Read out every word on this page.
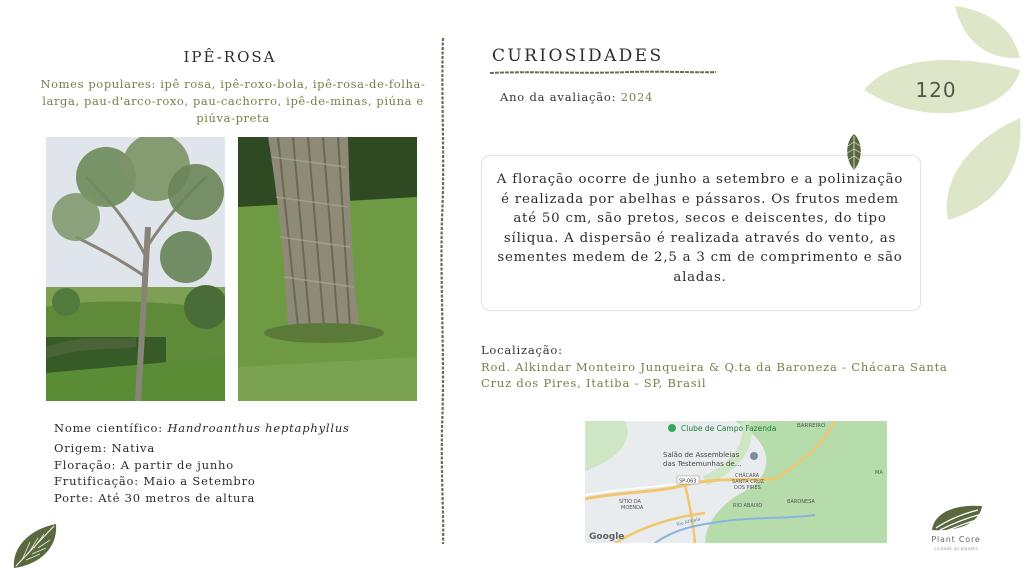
IPÊ-ROSA
Nomes populares: ipê rosa, ipê-roxo-bola, ipê-rosa-de-folha-larga, pau-d'arco-roxo, pau-cachorro, ipê-de-minas, piúna e piúva-preta
Nome científico: Handroanthus heptaphyllus
Origem: Nativa
Floração: A partir de junho
Frutificação: Maio a Setembro
Porte: Até 30 metros de altura
CURIOSIDADES
Ano da avaliação: 2024	120
A floração ocorre de junho a setembro e a polinização é realizada por abelhas e pássaros. Os frutos medem até 50 cm, são pretos, secos e deiscentes, do tipo síliqua. A dispersão é realizada através do vento, as sementes medem de 2,5 a 3 cm de comprimento e são aladas.
Localização:
Rod. Alkindar Monteiro Junqueira & Q.ta da Baroneza - Chácara Santa Cruz dos Pires, Itatiba - SP, Brasil
Clube de Campo Fazenda	BARREIRO
Salão de Assembleias
das Testemunhas de...
SP-063
CHÁCARA
SANTA CRUZ
DOS PIRES
SÍTIO DA
MOENDA
BARONESA
RIO ABAIXO
Rio Atibaia
MA
Google	Plant Core
cuidado ao planeta
